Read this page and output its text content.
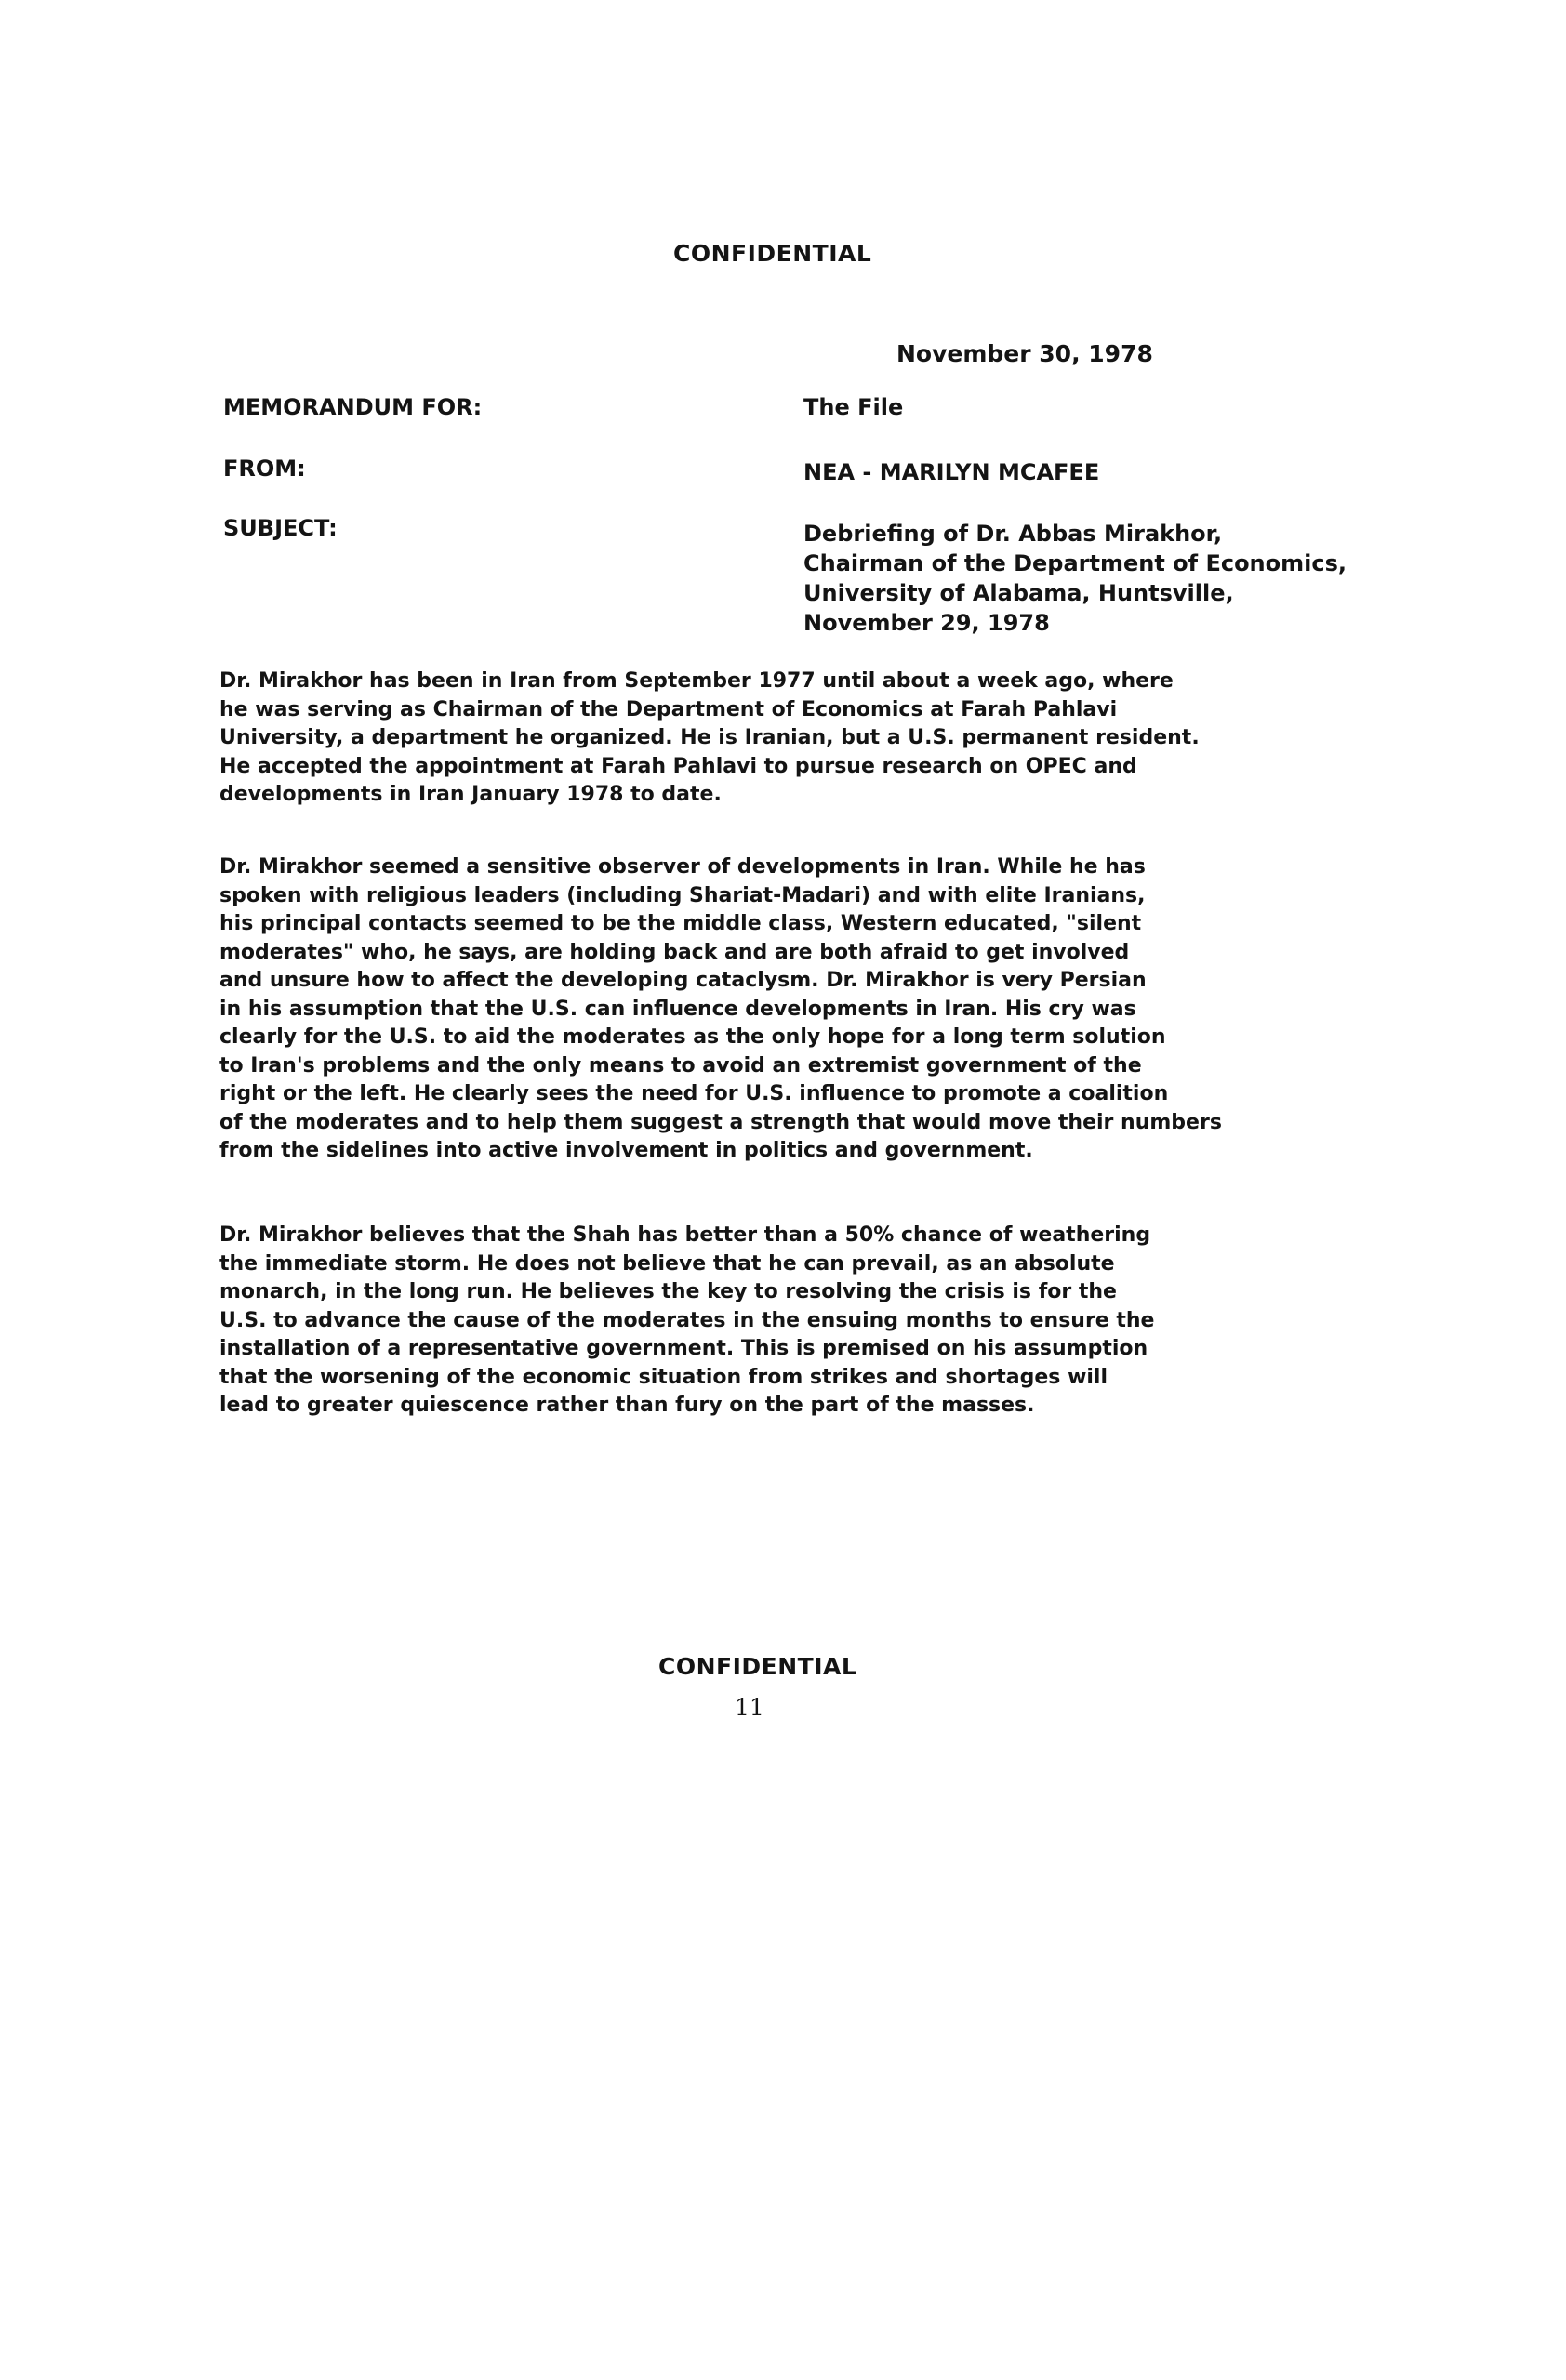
CONFIDENTIAL
November 30, 1978
MEMORANDUM FOR:	The File
FROM:	NEA - MARILYN MCAFEE
SUBJECT:	Debriefing of Dr. Abbas Mirakhor,
Chairman of the Department of Economics,
University of Alabama, Huntsville,
November 29, 1978
Dr. Mirakhor has been in Iran from September 1977 until about a week ago, where
he was serving as Chairman of the Department of Economics at Farah Pahlavi
University, a department he organized. He is Iranian, but a U.S. permanent resident.
He accepted the appointment at Farah Pahlavi to pursue research on OPEC and
developments in Iran January 1978 to date.
Dr. Mirakhor seemed a sensitive observer of developments in Iran. While he has
spoken with religious leaders (including Shariat-Madari) and with elite Iranians,
his principal contacts seemed to be the middle class, Western educated, "silent
moderates" who, he says, are holding back and are both afraid to get involved
and unsure how to affect the developing cataclysm. Dr. Mirakhor is very Persian
in his assumption that the U.S. can influence developments in Iran. His cry was
clearly for the U.S. to aid the moderates as the only hope for a long term solution
to Iran's problems and the only means to avoid an extremist government of the
right or the left. He clearly sees the need for U.S. influence to promote a coalition
of the moderates and to help them suggest a strength that would move their numbers
from the sidelines into active involvement in politics and government.
Dr. Mirakhor believes that the Shah has better than a 50% chance of weathering
the immediate storm. He does not believe that he can prevail, as an absolute
monarch, in the long run. He believes the key to resolving the crisis is for the
U.S. to advance the cause of the moderates in the ensuing months to ensure the
installation of a representative government. This is premised on his assumption
that the worsening of the economic situation from strikes and shortages will
lead to greater quiescence rather than fury on the part of the masses.
CONFIDENTIAL
11
